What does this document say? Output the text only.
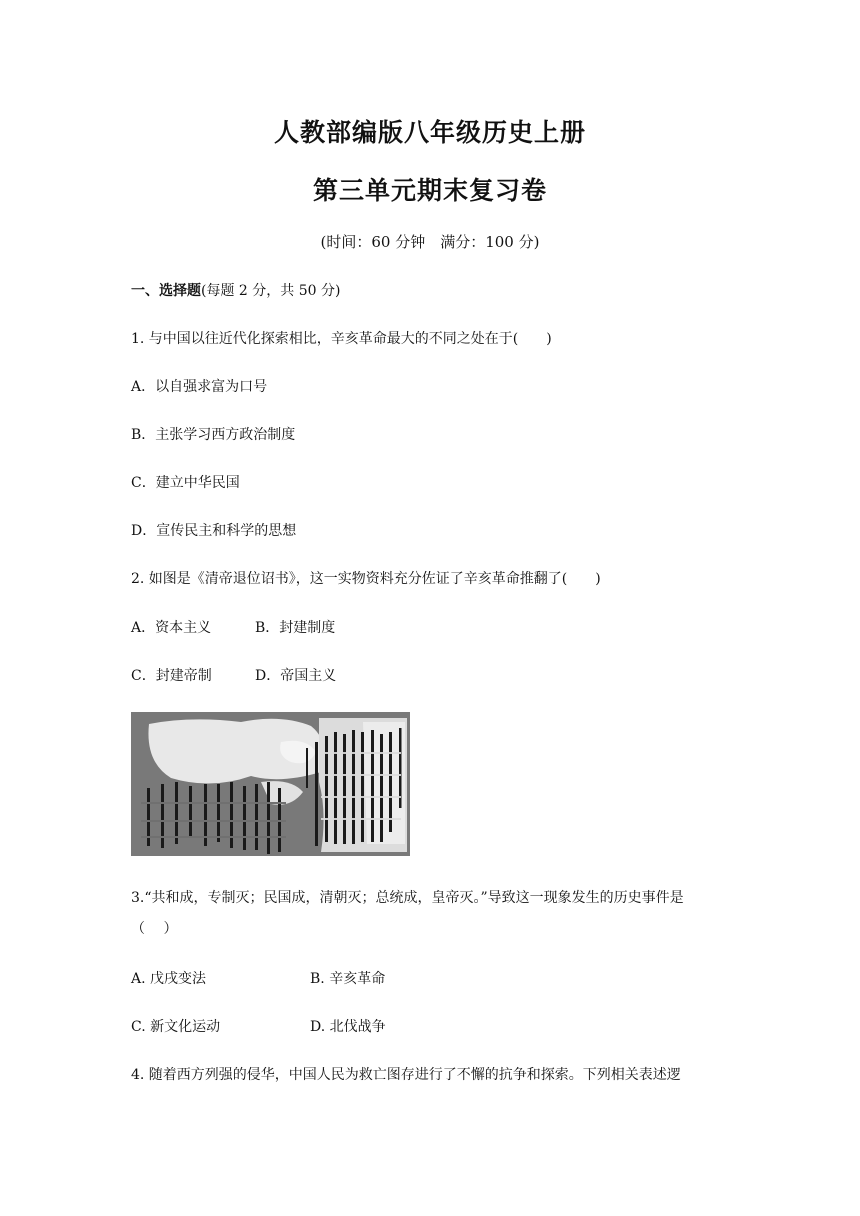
人教部编版八年级历史上册
第三单元期末复习卷
(时间：60 分钟　满分：100 分)
一、选择题(每题 2 分，共 50 分)
1. 与中国以往近代化探索相比，辛亥革命最大的不同之处在于(　　)
A．以自强求富为口号
B．主张学习西方政治制度
C．建立中华民国
D．宣传民主和科学的思想
2. 如图是《清帝退位诏书》，这一实物资料充分佐证了辛亥革命推翻了(　　)
A．资本主义	B．封建制度
C．封建帝制	D．帝国主义
3.“共和成，专制灭；民国成，清朝灭；总统成，皇帝灭。”导致这一现象发生的历史事件是
（　 ）
A. 戊戌变法	B. 辛亥革命
C. 新文化运动	D. 北伐战争
4. 随着西方列强的侵华，中国人民为救亡图存进行了不懈的抗争和探索。下列相关表述逻
